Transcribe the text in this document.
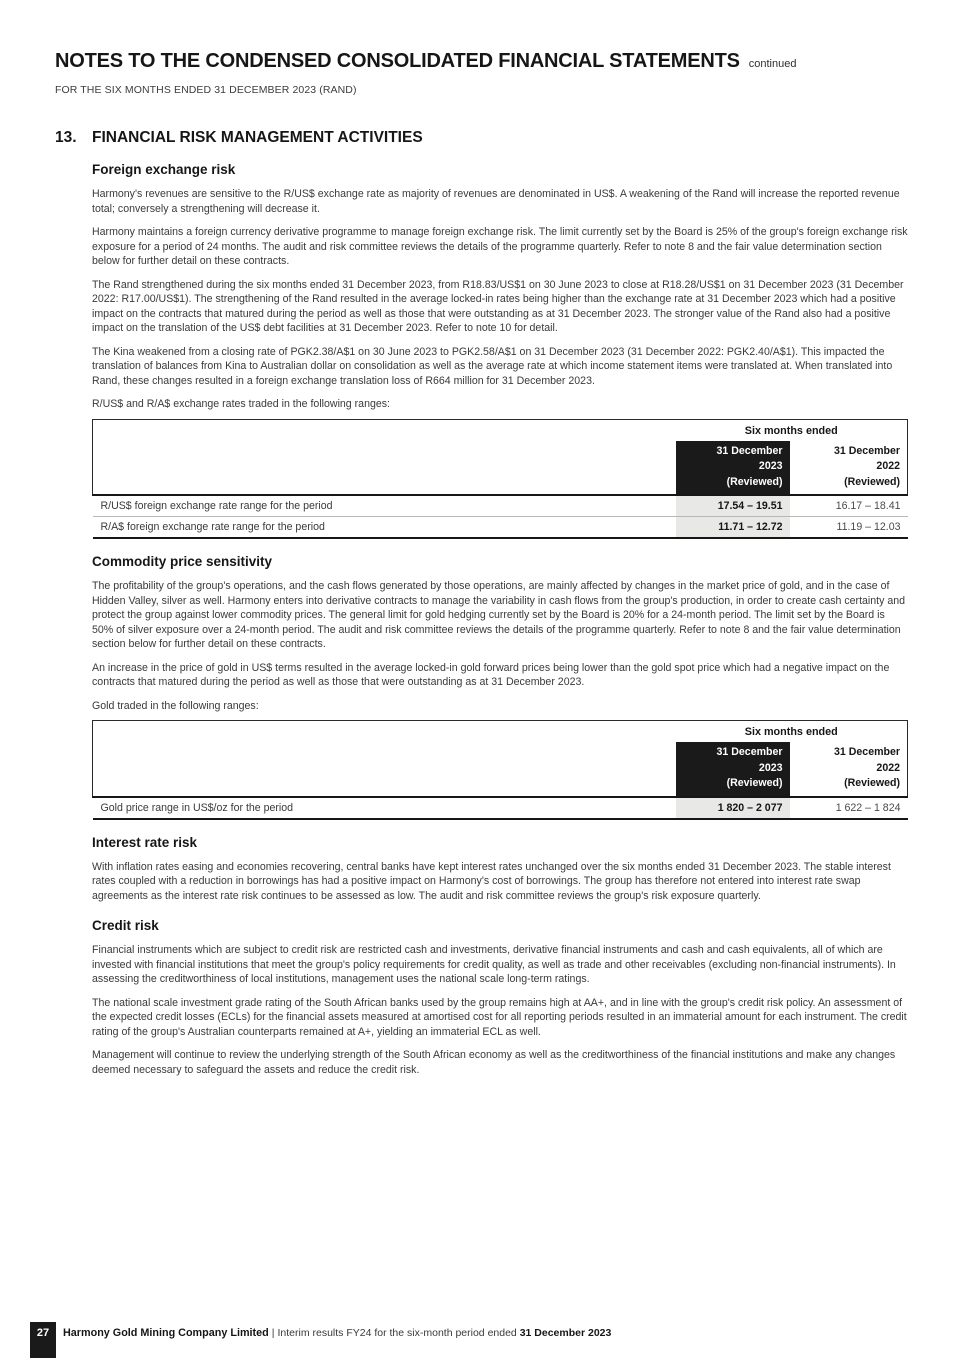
NOTES TO THE CONDENSED CONSOLIDATED FINANCIAL STATEMENTS continued
FOR THE SIX MONTHS ENDED 31 DECEMBER 2023 (RAND)
13. FINANCIAL RISK MANAGEMENT ACTIVITIES
Foreign exchange risk

Harmony's revenues are sensitive to the R/US$ exchange rate as majority of revenues are denominated in US$. A weakening of the Rand will increase the reported revenue total; conversely a strengthening will decrease it.

Harmony maintains a foreign currency derivative programme to manage foreign exchange risk. The limit currently set by the Board is 25% of the group's foreign exchange risk exposure for a period of 24 months. The audit and risk committee reviews the details of the programme quarterly. Refer to note 8 and the fair value determination section below for further detail on these contracts.

The Rand strengthened during the six months ended 31 December 2023, from R18.83/US$1 on 30 June 2023 to close at R18.28/US$1 on 31 December 2023 (31 December 2022: R17.00/US$1). The strengthening of the Rand resulted in the average locked-in rates being higher than the exchange rate at 31 December 2023 which had a positive impact on the contracts that matured during the period as well as those that were outstanding as at 31 December 2023. The stronger value of the Rand also had a positive impact on the translation of the US$ debt facilities at 31 December 2023. Refer to note 10 for detail.

The Kina weakened from a closing rate of PGK2.38/A$1 on 30 June 2023 to PGK2.58/A$1 on 31 December 2023 (31 December 2022: PGK2.40/A$1). This impacted the translation of balances from Kina to Australian dollar on consolidation as well as the average rate at which income statement items were translated at. When translated into Rand, these changes resulted in a foreign exchange translation loss of R664 million for 31 December 2023.

R/US$ and R/A$ exchange rates traded in the following ranges:

	Six months ended	
	31 December
2023
(Reviewed)	31 December
2022
(Reviewed)
R/US$ foreign exchange rate range for the period	17.54 – 19.51	16.17 – 18.41
R/A$ foreign exchange rate range for the period	11.71 – 12.72	11.19 – 12.03
Commodity price sensitivity

The profitability of the group's operations, and the cash flows generated by those operations, are mainly affected by changes in the market price of gold, and in the case of Hidden Valley, silver as well. Harmony enters into derivative contracts to manage the variability in cash flows from the group's production, in order to create cash certainty and protect the group against lower commodity prices. The general limit for gold hedging currently set by the Board is 20% for a 24-month period. The limit set by the Board is 50% of silver exposure over a 24-month period. The audit and risk committee reviews the details of the programme quarterly. Refer to note 8 and the fair value determination section below for further detail on these contracts.

An increase in the price of gold in US$ terms resulted in the average locked-in gold forward prices being lower than the gold spot price which had a negative impact on the contracts that matured during the period as well as those that were outstanding as at 31 December 2023.

Gold traded in the following ranges:

	Six months ended	
	31 December
2023
(Reviewed)	31 December
2022
(Reviewed)
Gold price range in US$/oz for the period	1 820 – 2 077	1 622 – 1 824
Interest rate risk

With inflation rates easing and economies recovering, central banks have kept interest rates unchanged over the six months ended 31 December 2023. The stable interest rates coupled with a reduction in borrowings has had a positive impact on Harmony's cost of borrowings. The group has therefore not entered into interest rate swap agreements as the interest rate risk continues to be assessed as low. The audit and risk committee reviews the group's risk exposure quarterly.

Credit risk

Financial instruments which are subject to credit risk are restricted cash and investments, derivative financial instruments and cash and cash equivalents, all of which are invested with financial institutions that meet the group's policy requirements for credit quality, as well as trade and other receivables (excluding non-financial instruments). In assessing the creditworthiness of local institutions, management uses the national scale long-term ratings.

The national scale investment grade rating of the South African banks used by the group remains high at AA+, and in line with the group's credit risk policy. An assessment of the expected credit losses (ECLs) for the financial assets measured at amortised cost for all reporting periods resulted in an immaterial amount for each instrument. The credit rating of the group's Australian counterparts remained at A+, yielding an immaterial ECL as well.

Management will continue to review the underlying strength of the South African economy as well as the creditworthiness of the financial institutions and make any changes deemed necessary to safeguard the assets and reduce the credit risk.

27	Harmony Gold Mining Company Limited | Interim results FY24 for the six-month period ended 31 December 2023
